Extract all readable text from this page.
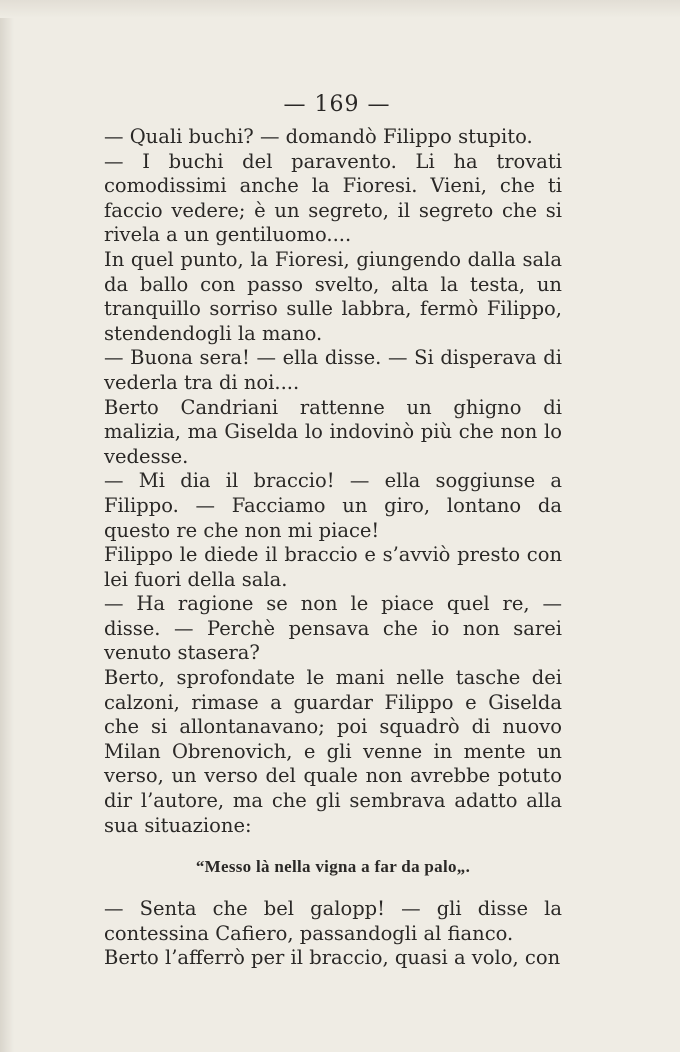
— 169 —

— Quali buchi? — domandò Filippo stupito.

— I buchi del paravento. Li ha trovati comodissimi anche la Fioresi. Vieni, che ti faccio vedere; è un segreto, il segreto che si rivela a un gentiluomo....

In quel punto, la Fioresi, giungendo dalla sala da ballo con passo svelto, alta la testa, un tranquillo sorriso sulle labbra, fermò Filippo, stendendogli la mano.

— Buona sera! — ella disse. — Si disperava di vederla tra di noi....

Berto Candriani rattenne un ghigno di malizia, ma Giselda lo indovinò più che non lo vedesse.

— Mi dia il braccio! — ella soggiunse a Filippo. — Facciamo un giro, lontano da questo re che non mi piace!

Filippo le diede il braccio e s’avviò presto con lei fuori della sala.

— Ha ragione se non le piace quel re, — disse. — Perchè pensava che io non sarei venuto stasera?

Berto, sprofondate le mani nelle tasche dei calzoni, rimase a guardar Filippo e Giselda che si allontanavano; poi squadrò di nuovo Milan Obrenovich, e gli venne in mente un verso, un verso del quale non avrebbe potuto dir l’autore, ma che gli sembrava adatto alla sua situazione:

“Messo là nella vigna a far da palo„.

— Senta che bel galopp! — gli disse la contessina Cafiero, passandogli al fianco.

Berto l’afferrò per il braccio, quasi a volo, con
